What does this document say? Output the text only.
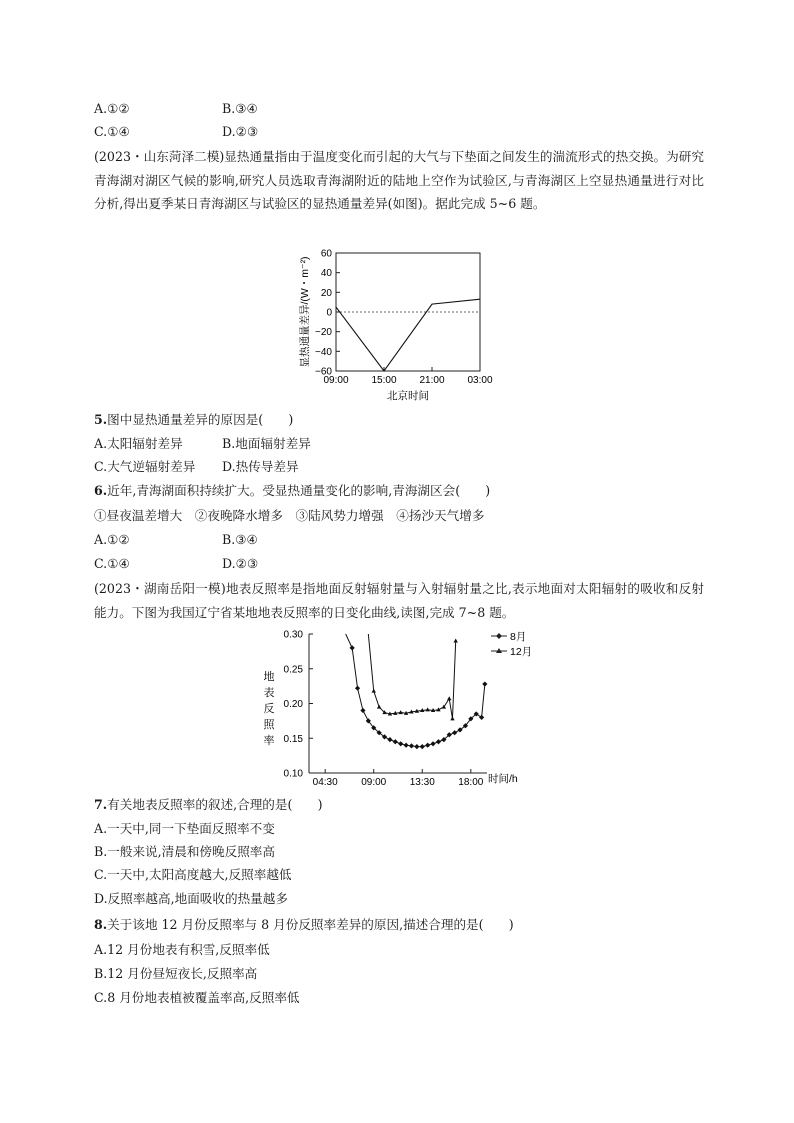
A.①②	B.③④
C.①④	D.②③
(2023・山东菏泽二模)显热通量指由于温度变化而引起的大气与下垫面之间发生的湍流形式的热交换。为研究青海湖对湖区气候的影响,研究人员选取青海湖附近的陆地上空作为试验区,与青海湖区上空显热通量进行对比分析,得出夏季某日青海湖区与试验区的显热通量差异(如图)。据此完成 5~6 题。
60
40
20
0
−20
−40
−60
09:00 15:00 21:00 03:00
显热通量差异/(W・m⁻²)
北京时间
5.图中显热通量差异的原因是(　　)
A.太阳辐射差异	B.地面辐射差异
C.大气逆辐射差异 D.热传导差异
6.近年,青海湖面积持续扩大。受显热通量变化的影响,青海湖区会(　　)
①昼夜温差增大　②夜晚降水增多　③陆风势力增强　④扬沙天气增多
A.①②	B.③④
C.①④	D.②③
(2023・湖南岳阳一模)地表反照率是指地面反射辐射量与入射辐射量之比,表示地面对太阳辐射的吸收和反射能力。下图为我国辽宁省某地地表反照率的日变化曲线,读图,完成 7~8 题。
0.30
0.25
0.20
0.15
0.10
04:30 09:00 13:30 18:00
地
表
反
照
率
时间/h
8月
12月
7.有关地表反照率的叙述,合理的是(　　)
A.一天中,同一下垫面反照率不变
B.一般来说,清晨和傍晚反照率高
C.一天中,太阳高度越大,反照率越低
D.反照率越高,地面吸收的热量越多
8.关于该地 12 月份反照率与 8 月份反照率差异的原因,描述合理的是(　　)
A.12 月份地表有积雪,反照率低
B.12 月份昼短夜长,反照率高
C.8 月份地表植被覆盖率高,反照率低
